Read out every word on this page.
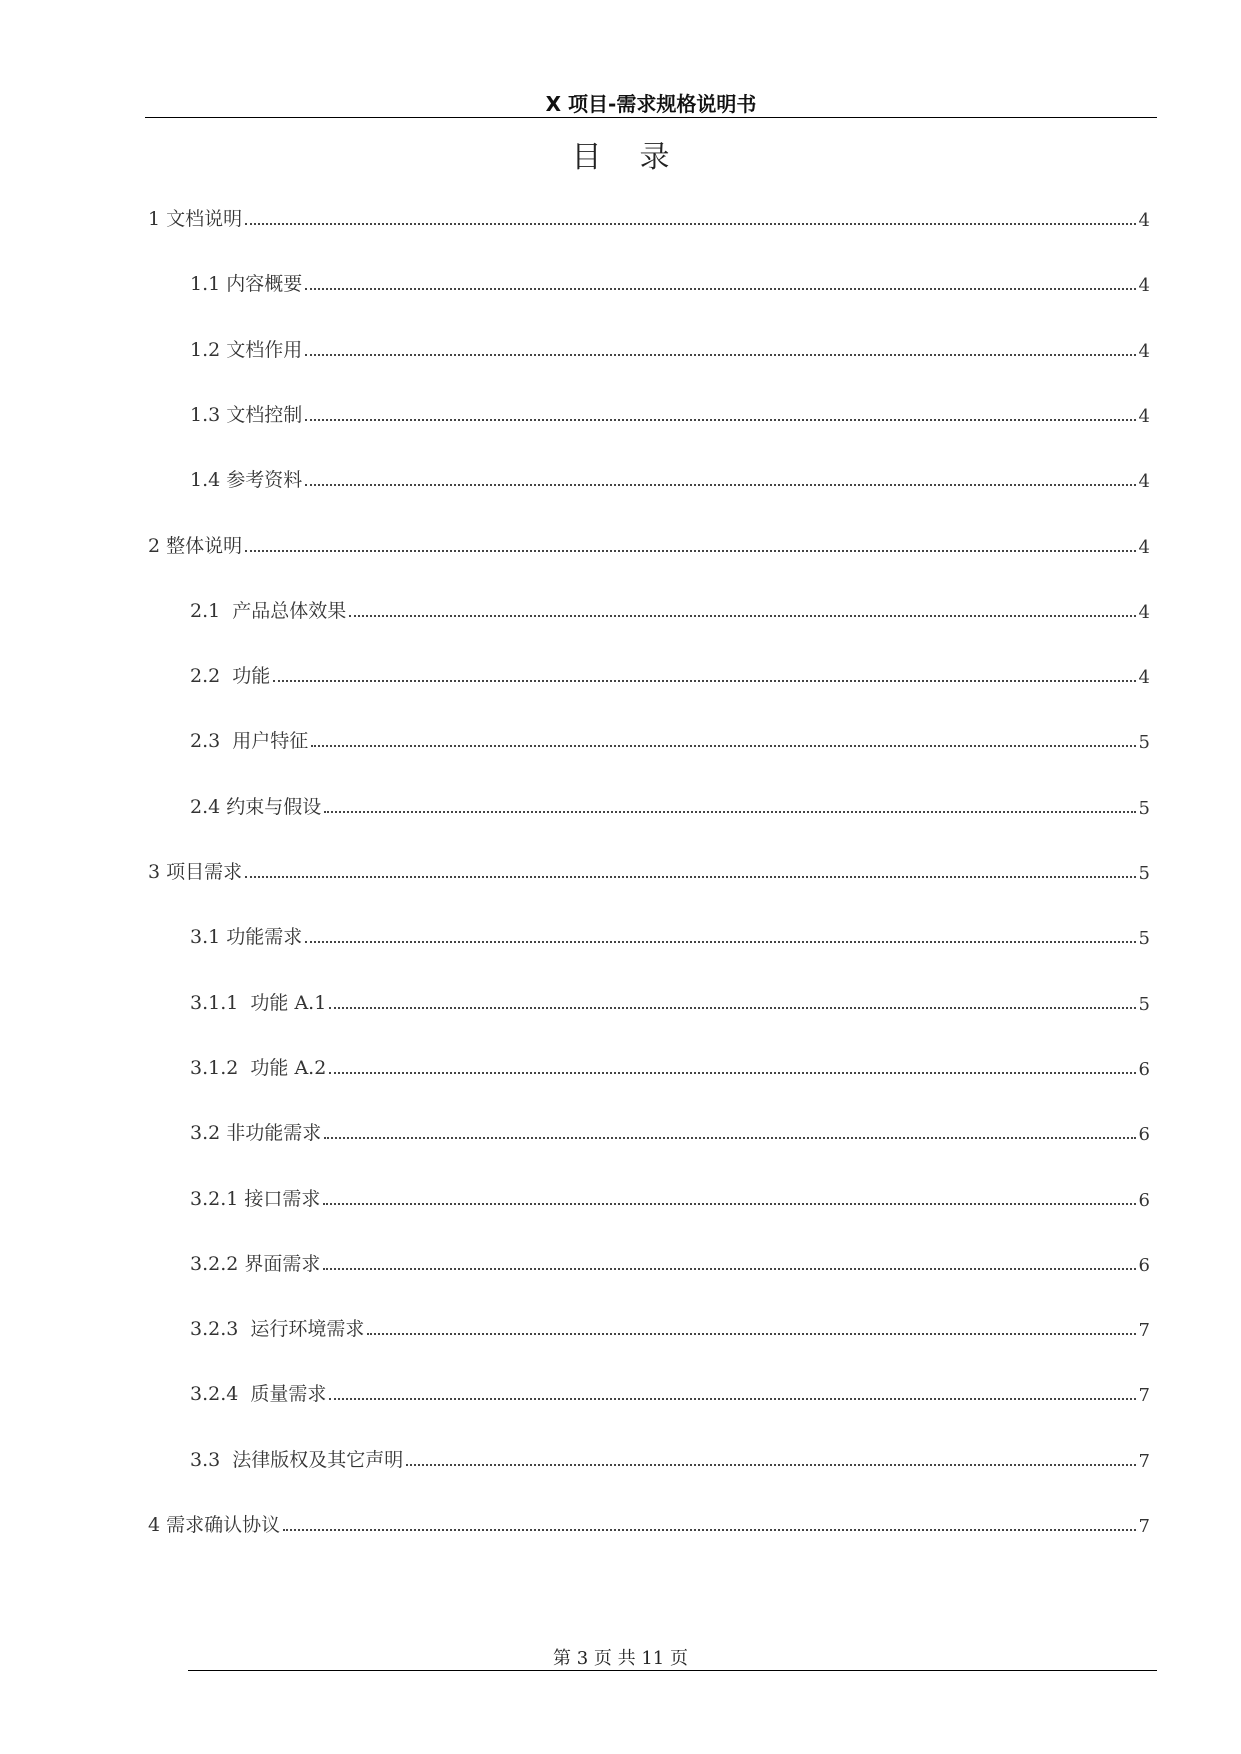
X 项目-需求规格说明书
目录
1 文档说明	4
1.1 内容概要	4
1.2 文档作用	4
1.3 文档控制	4
1.4 参考资料	4
2 整体说明	4
2.1  产品总体效果	4
2.2  功能	4
2.3  用户特征	5
2.4 约束与假设	5
3 项目需求	5
3.1 功能需求	5
3.1.1  功能 A.1	5
3.1.2  功能 A.2	6
3.2 非功能需求	6
3.2.1 接口需求	6
3.2.2 界面需求	6
3.2.3  运行环境需求	7
3.2.4  质量需求	7
3.3  法律版权及其它声明	7
4 需求确认协议	7
第 3 页 共 11 页
